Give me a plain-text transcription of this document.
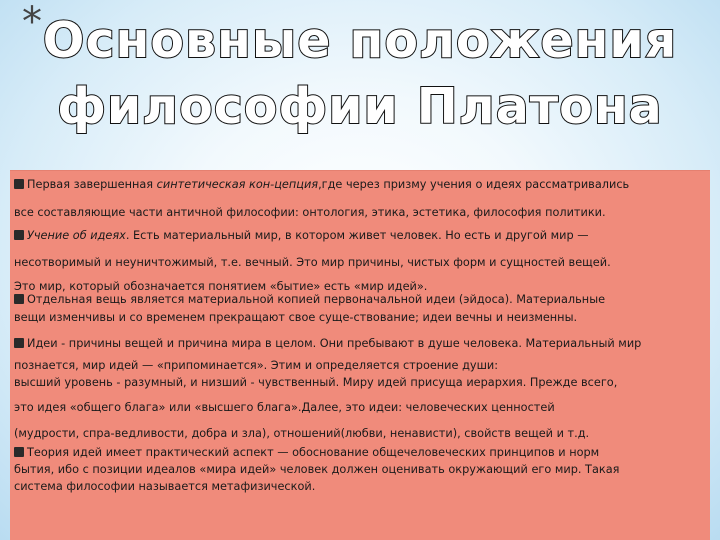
* Основные положения
философии Платона

Первая завершенная синтетическая кон-цепция,где через призму учения о идеях рассматривались
все составляющие части античной философии: онтология, этика, эстетика, философия политики.

Учение об идеях. Есть материальный мир, в котором живет человек. Но есть и другой мир —
несотворимый и неуничтожимый, т.е. вечный. Это мир причины, чистых форм и сущностей вещей.
Это мир, который обозначается понятием «бытие» есть «мир идей».

Отдельная вещь является материальной копией первоначальной идеи (эйдоса). Материальные
вещи изменчивы и со временем прекращают свое суще-ствование; идеи вечны и неизменны.

Идеи - причины вещей и причина мира в целом. Они пребывают в душе человека. Материальный мир
познается, мир идей — «припоминается». Этим и определяется строение души:
высший уровень - разумный, и низший - чувственный. Миру идей присуща иерархия. Прежде всего,
это идея «общего блага» или «высшего блага».Далее, это идеи: человеческих ценностей
(мудрости, спра-ведливости, добра и зла), отношений(любви, ненависти), свойств вещей и т.д.

Теория идей имеет практический аспект — обоснование общечеловеческих принципов и норм
бытия, ибо с позиции идеалов «мира идей» человек должен оценивать окружающий его мир. Такая
система философии называется метафизической.
